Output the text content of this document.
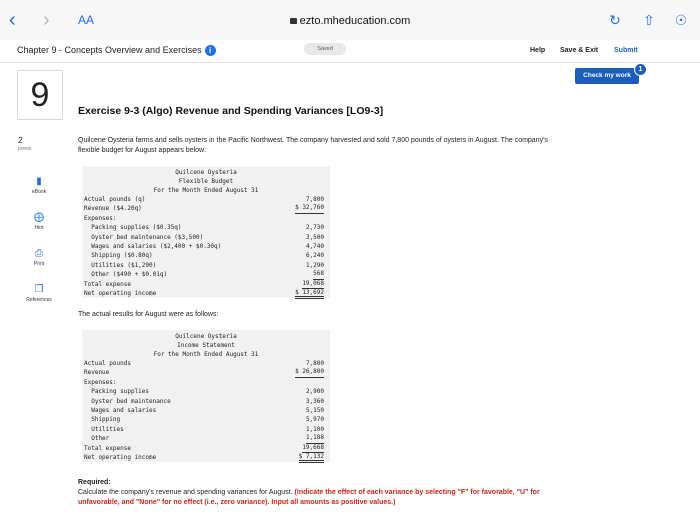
‹ › AA	ezto.mheducation.com	↻ ⇧ ☉
Chapter 9 - Concepts Overview and Exercises i	Saved	Help Save & Exit Submit
Check my work
1
9
2
points
▮
eBook
⨁
Hint
⎙
Print
❐
References
Exercise 9-3 (Algo) Revenue and Spending Variances [LO9-3]
Quilcene Oysteria farms and sells oysters in the Pacific Northwest. The company harvested and sold 7,800 pounds of oysters in August. The company's flexible budget for August appears below:
Quilcene Oysteria
Flexible Budget
For the Month Ended August 31
Actual pounds (q)	7,800
Revenue ($4.20q)	$ 32,760
Expenses:
Packing supplies ($0.35q)	2,730
Oyster bed maintenance ($3,500)	3,500
Wages and salaries ($2,400 + $0.30q)	4,740
Shipping ($0.80q)	6,240
Utilities ($1,290)	1,290
Other ($490 + $0.01q)	568
Total expense	19,068
Net operating income	$ 13,692
The actual results for August were as follows:
Quilcene Oysteria
Income Statement
For the Month Ended August 31
Actual pounds	7,800
Revenue	$ 26,800
Expenses:
Packing supplies	2,900
Oyster bed maintenance	3,360
Wages and salaries	5,150
Shipping	5,970
Utilities	1,100
Other	1,188
Total expense	19,668
Net operating income	$ 7,132
Required:
Calculate the company's revenue and spending variances for August. (Indicate the effect of each variance by selecting "F" for favorable, "U" for unfavorable, and "None" for no effect (i.e., zero variance). Input all amounts as positive values.)
